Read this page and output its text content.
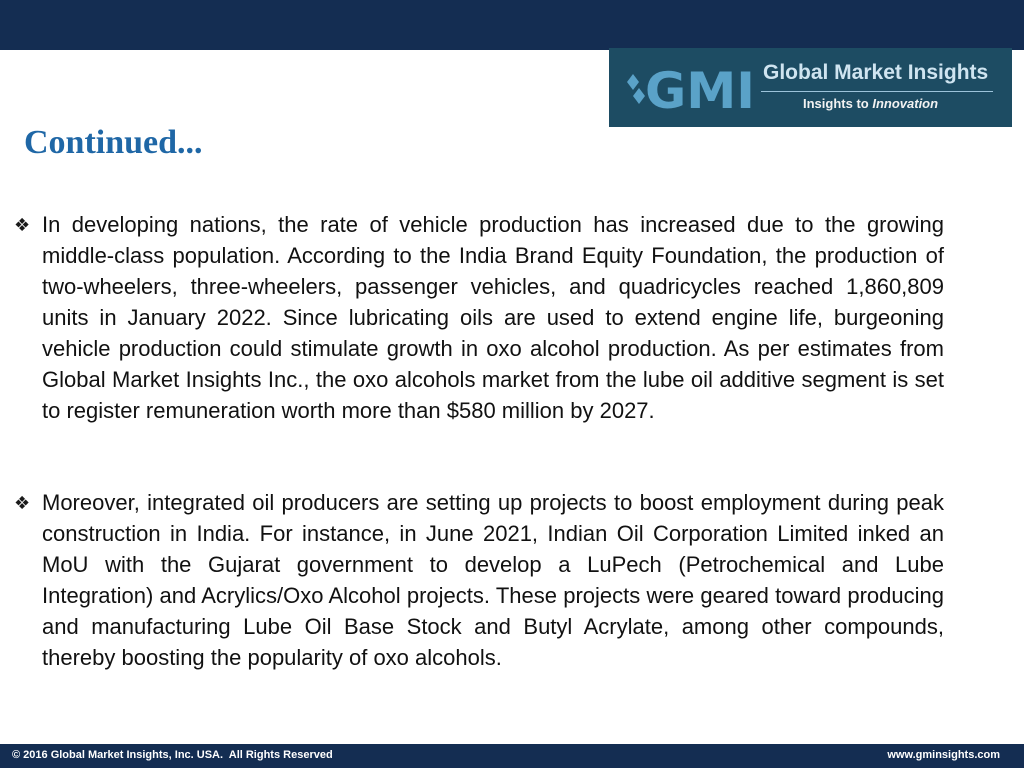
GMI Global Market Insights
Insights to Innovation
Continued...
❖ In developing nations, the rate of vehicle production has increased due to the growing middle-class population. According to the India Brand Equity Foundation, the production of two-wheelers, three-wheelers, passenger vehicles, and quadricycles reached 1,860,809 units in January 2022. Since lubricating oils are used to extend engine life, burgeoning vehicle production could stimulate growth in oxo alcohol production. As per estimates from Global Market Insights Inc., the oxo alcohols market from the lube oil additive segment is set to register remuneration worth more than $580 million by 2027.

❖ Moreover, integrated oil producers are setting up projects to boost employment during peak construction in India. For instance, in June 2021, Indian Oil Corporation Limited inked an MoU with the Gujarat government to develop a LuPech (Petrochemical and Lube Integration) and Acrylics/Oxo Alcohol projects. These projects were geared toward producing and manufacturing Lube Oil Base Stock and Butyl Acrylate, among other compounds, thereby boosting the popularity of oxo alcohols.

© 2016 Global Market Insights, Inc. USA.  All Rights Reserved	www.gminsights.com
